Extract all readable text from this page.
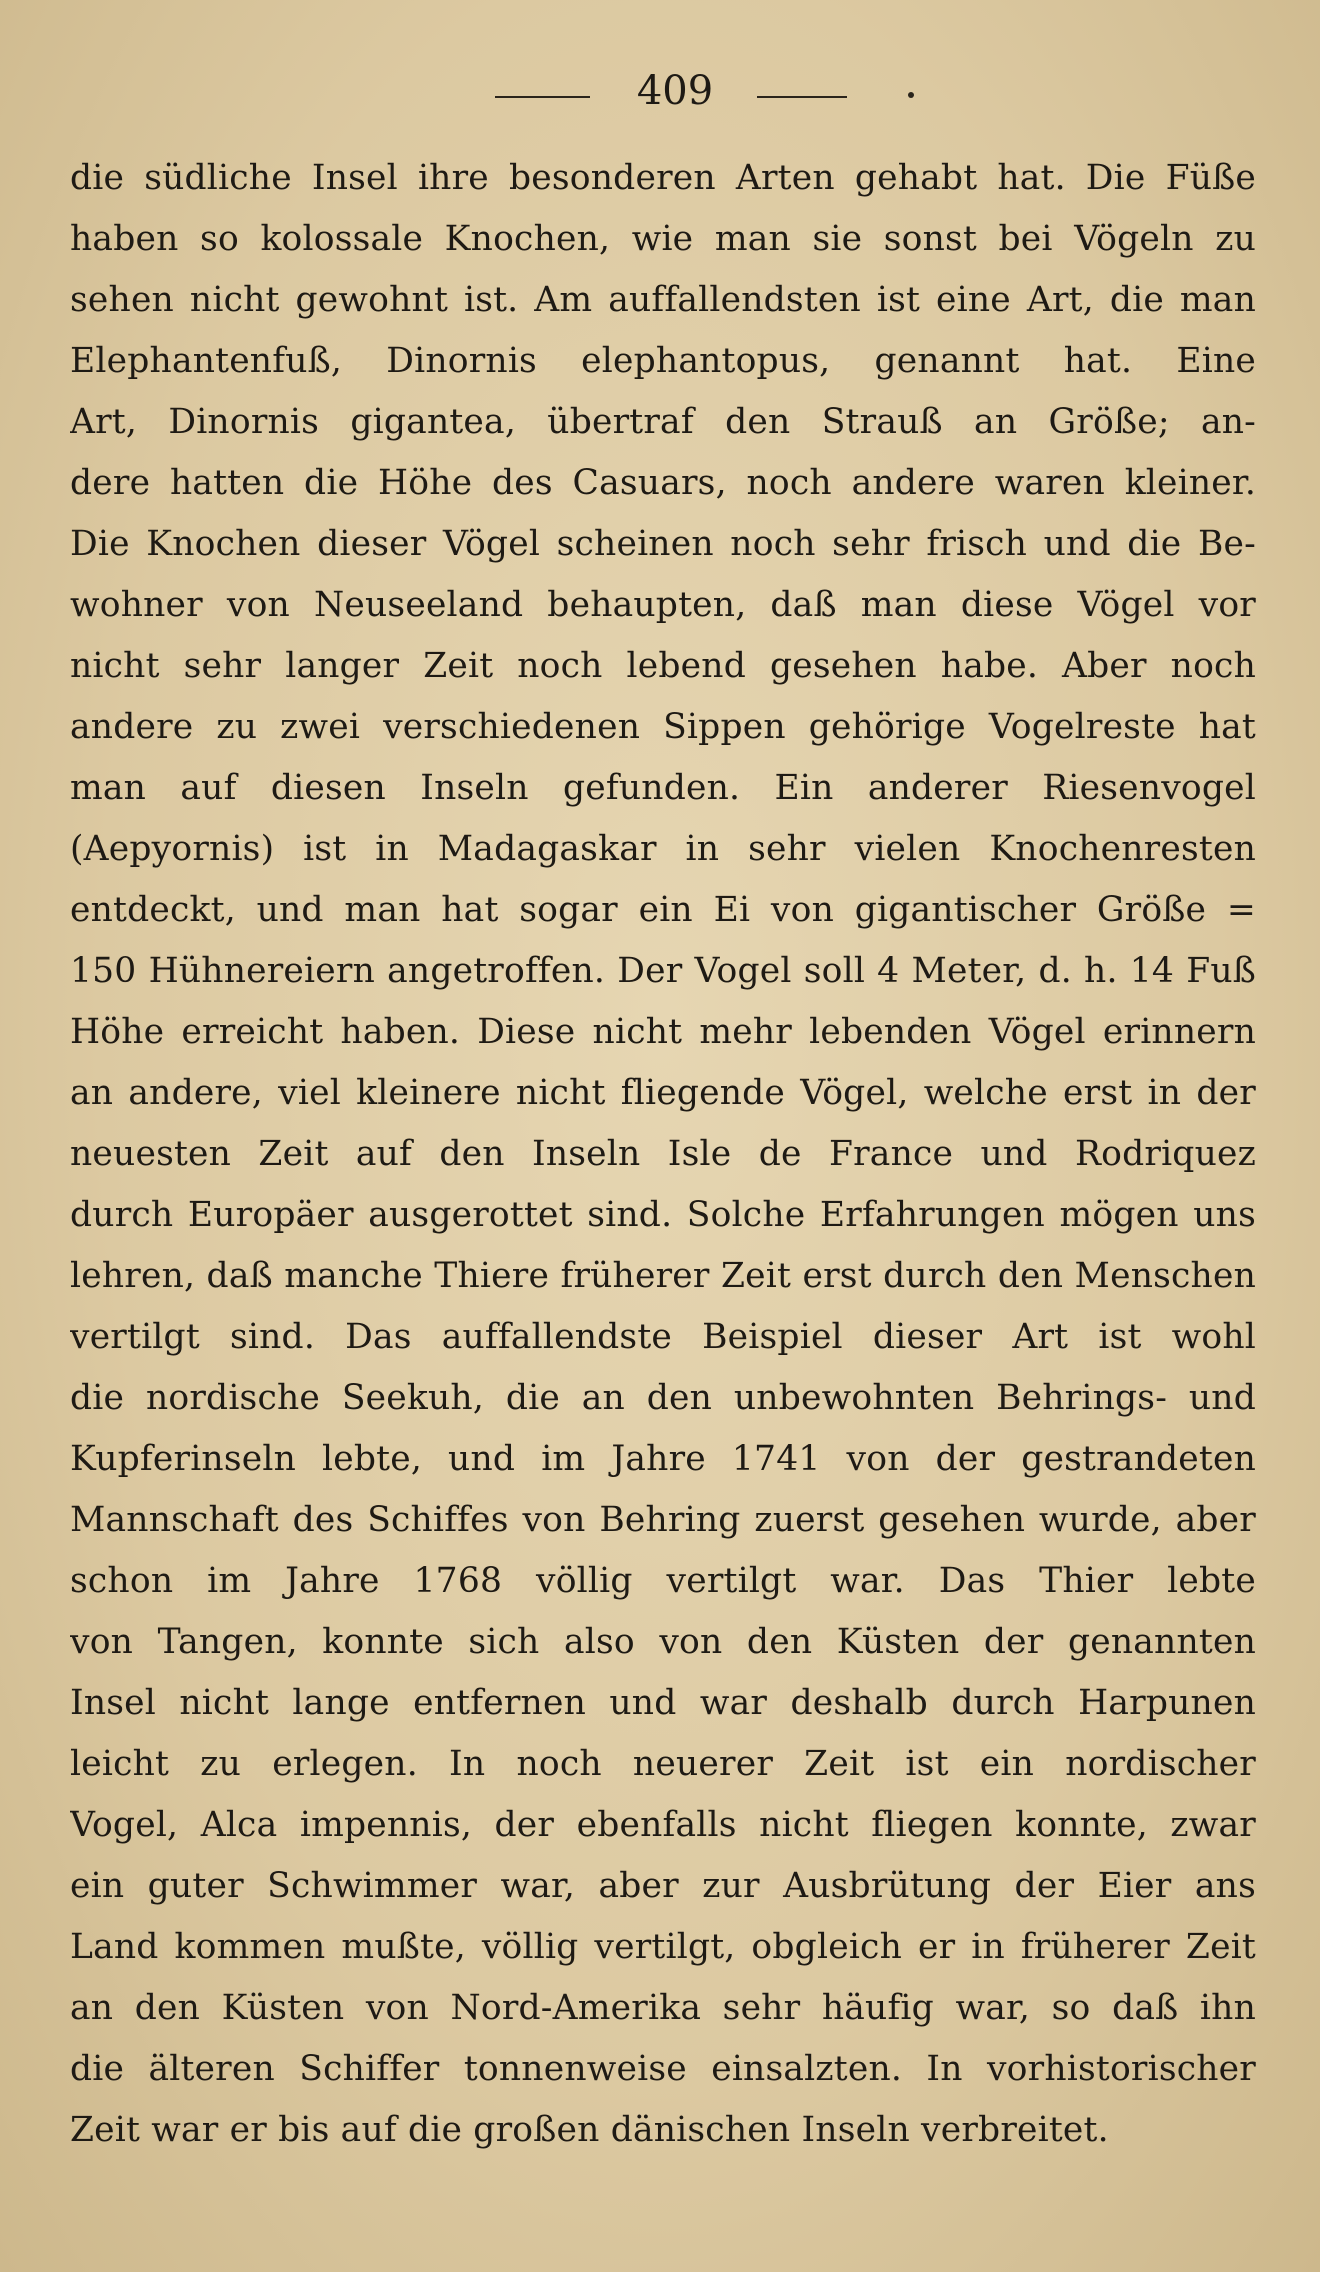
409
die südliche Insel ihre besonderen Arten gehabt hat. Die Füße
haben so kolossale Knochen, wie man sie sonst bei Vögeln zu
sehen nicht gewohnt ist. Am auffallendsten ist eine Art, die man
Elephantenfuß, Dinornis elephantopus, genannt hat. Eine
Art, Dinornis gigantea, übertraf den Strauß an Größe; an-
dere hatten die Höhe des Casuars, noch andere waren kleiner.
Die Knochen dieser Vögel scheinen noch sehr frisch und die Be-
wohner von Neuseeland behaupten, daß man diese Vögel vor
nicht sehr langer Zeit noch lebend gesehen habe. Aber noch
andere zu zwei verschiedenen Sippen gehörige Vogelreste hat
man auf diesen Inseln gefunden. Ein anderer Riesenvogel
(Aepyornis) ist in Madagaskar in sehr vielen Knochenresten
entdeckt, und man hat sogar ein Ei von gigantischer Größe =
150 Hühnereiern angetroffen. Der Vogel soll 4 Meter, d. h. 14 Fuß
Höhe erreicht haben. Diese nicht mehr lebenden Vögel erinnern
an andere, viel kleinere nicht fliegende Vögel, welche erst in der
neuesten Zeit auf den Inseln Isle de France und Rodriquez
durch Europäer ausgerottet sind. Solche Erfahrungen mögen uns
lehren, daß manche Thiere früherer Zeit erst durch den Menschen
vertilgt sind. Das auffallendste Beispiel dieser Art ist wohl
die nordische Seekuh, die an den unbewohnten Behrings- und
Kupferinseln lebte, und im Jahre 1741 von der gestrandeten
Mannschaft des Schiffes von Behring zuerst gesehen wurde, aber
schon im Jahre 1768 völlig vertilgt war. Das Thier lebte
von Tangen, konnte sich also von den Küsten der genannten
Insel nicht lange entfernen und war deshalb durch Harpunen
leicht zu erlegen. In noch neuerer Zeit ist ein nordischer
Vogel, Alca impennis, der ebenfalls nicht fliegen konnte, zwar
ein guter Schwimmer war, aber zur Ausbrütung der Eier ans
Land kommen mußte, völlig vertilgt, obgleich er in früherer Zeit
an den Küsten von Nord-Amerika sehr häufig war, so daß ihn
die älteren Schiffer tonnenweise einsalzten. In vorhistorischer
Zeit war er bis auf die großen dänischen Inseln verbreitet.
